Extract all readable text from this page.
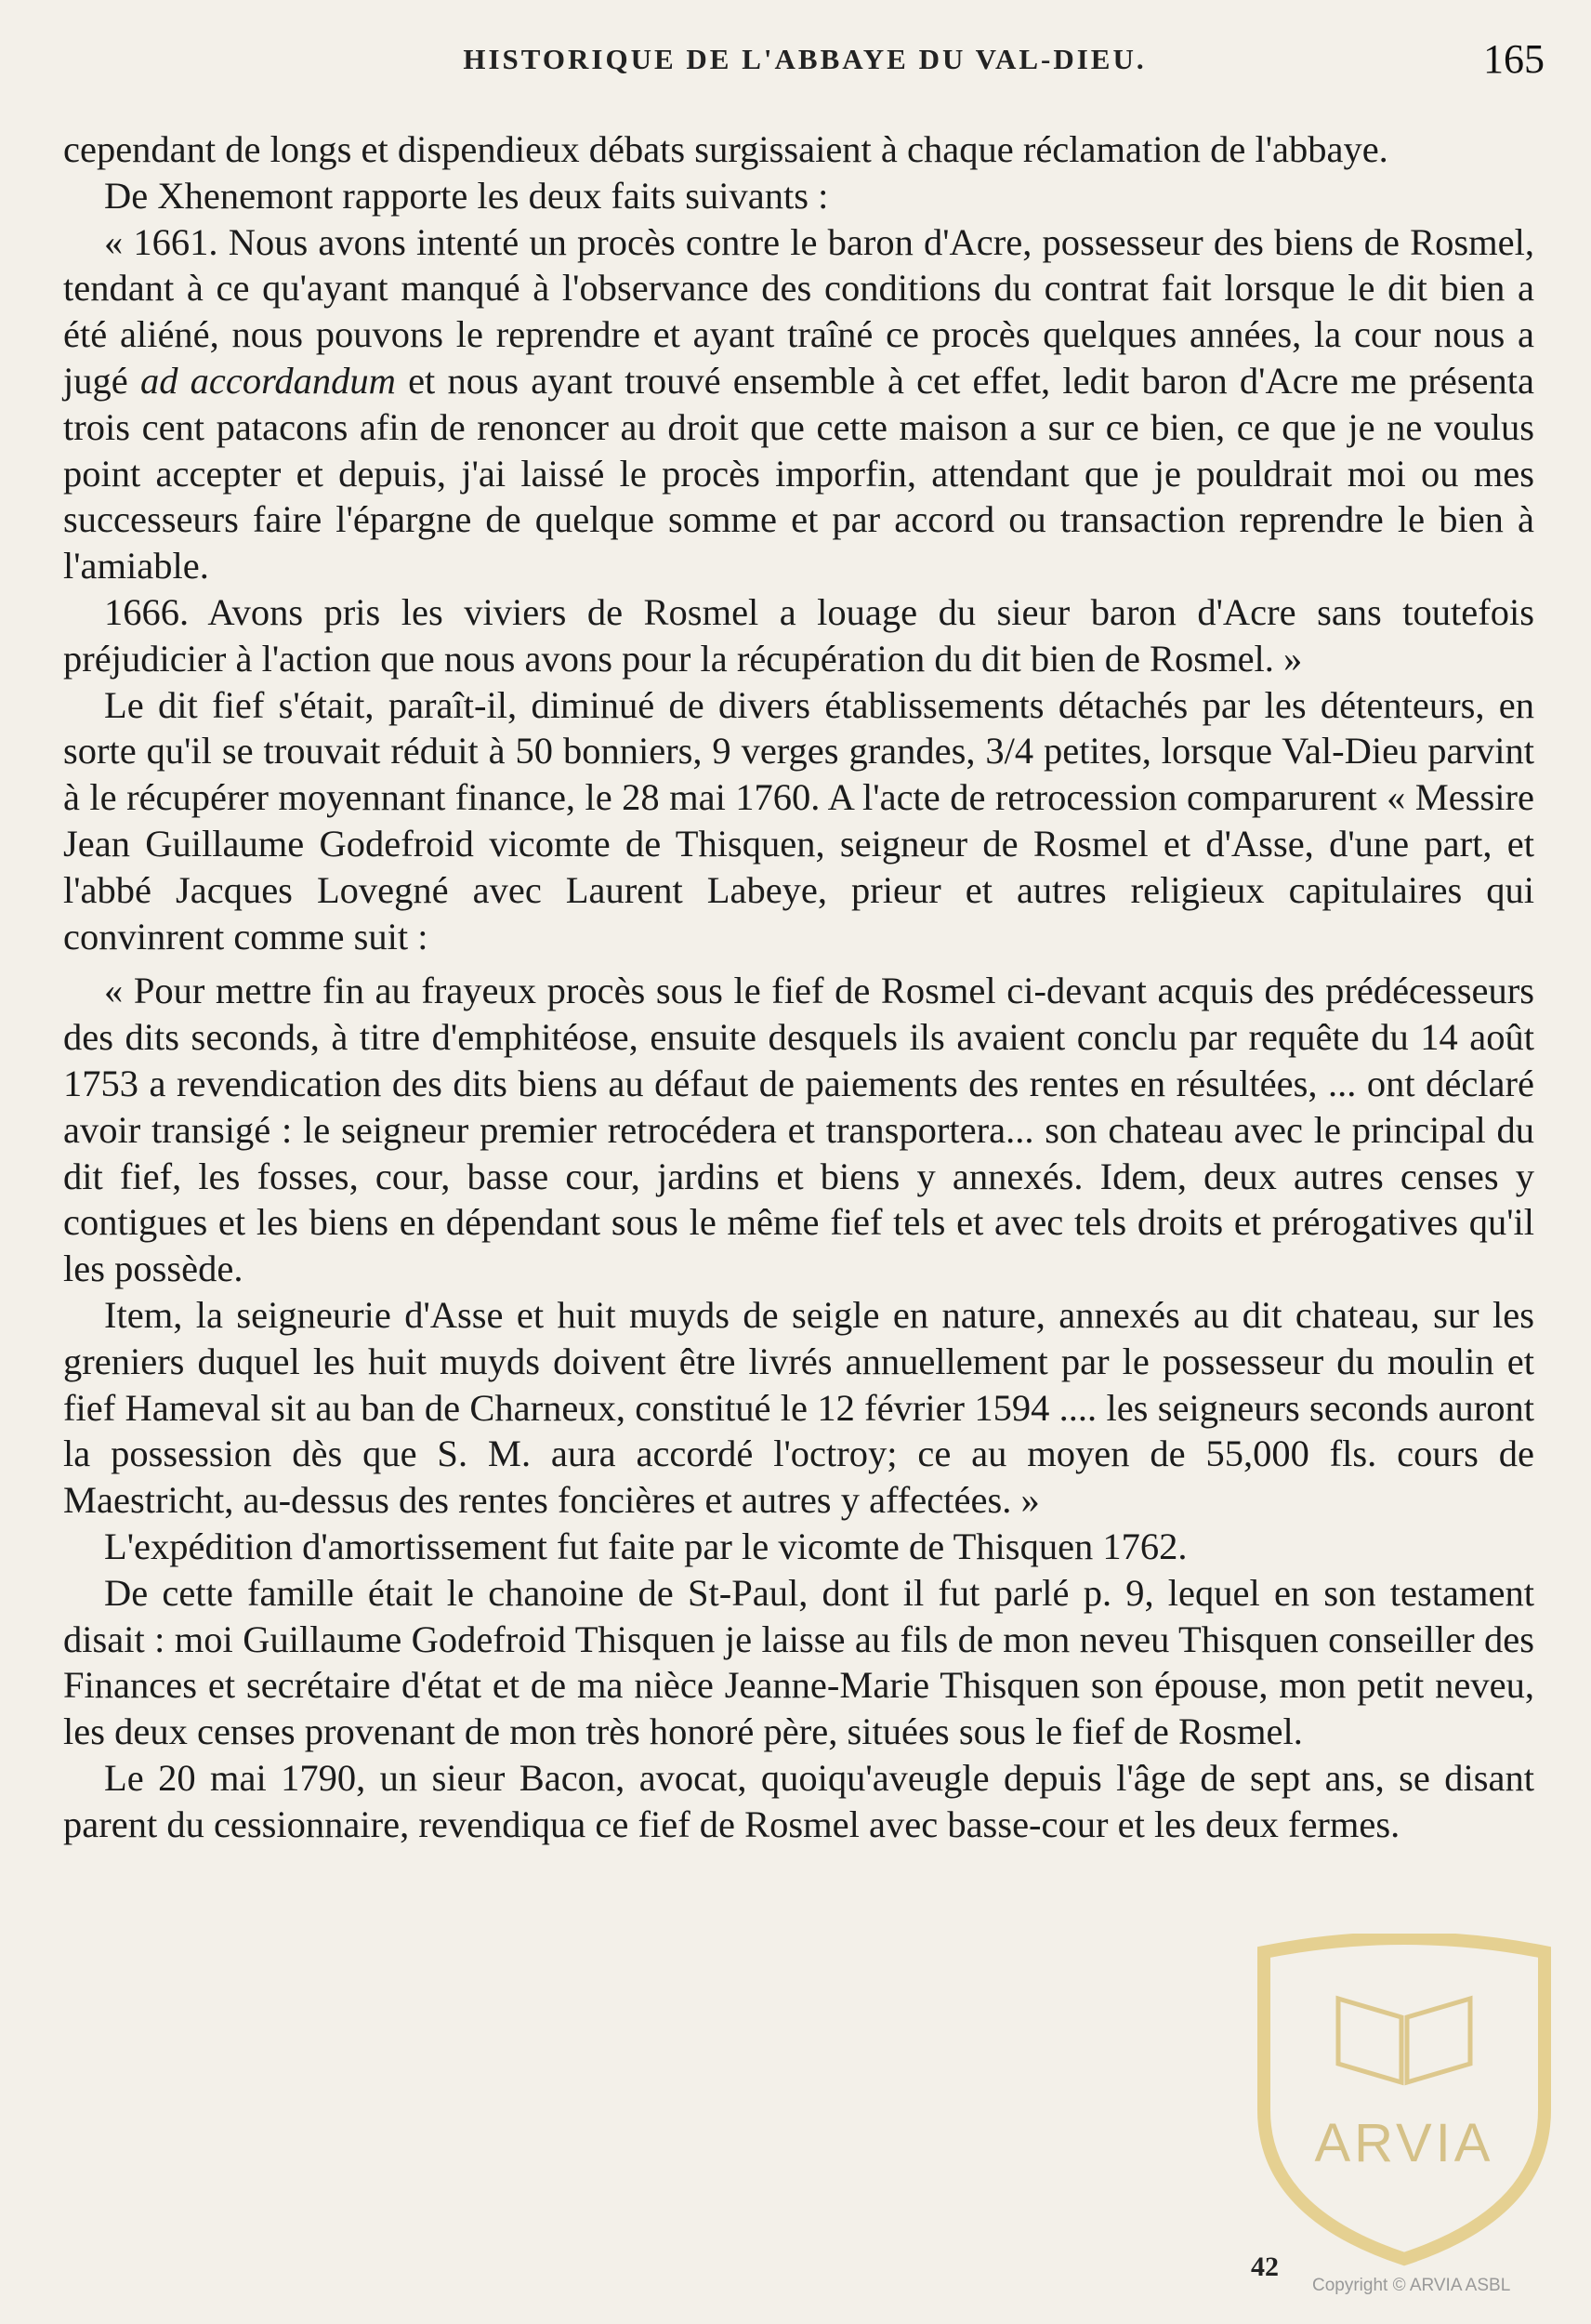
HISTORIQUE DE L'ABBAYE DU VAL-DIEU.	165

cependant de longs et dispendieux débats surgissaient à chaque réclamation de l'abbaye.

De Xhenemont rapporte les deux faits suivants :

« 1661. Nous avons intenté un procès contre le baron d'Acre, possesseur des biens de Rosmel, tendant à ce qu'ayant manqué à l'observance des conditions du contrat fait lorsque le dit bien a été aliéné, nous pouvons le reprendre et ayant traîné ce procès quelques années, la cour nous a jugé ad accordandum et nous ayant trouvé ensemble à cet effet, ledit baron d'Acre me présenta trois cent patacons afin de renoncer au droit que cette maison a sur ce bien, ce que je ne voulus point accepter et depuis, j'ai laissé le procès imporfin, attendant que je pouldrait moi ou mes successeurs faire l'épargne de quelque somme et par accord ou transaction reprendre le bien à l'amiable.

1666. Avons pris les viviers de Rosmel a louage du sieur baron d'Acre sans toutefois préjudicier à l'action que nous avons pour la récupération du dit bien de Rosmel. »

Le dit fief s'était, paraît-il, diminué de divers établissements détachés par les détenteurs, en sorte qu'il se trouvait réduit à 50 bonniers, 9 verges grandes, 3/4 petites, lorsque Val-Dieu parvint à le récupérer moyennant finance, le 28 mai 1760. A l'acte de retrocession comparurent « Messire Jean Guillaume Godefroid vicomte de Thisquen, seigneur de Rosmel et d'Asse, d'une part, et l'abbé Jacques Lovegné avec Laurent Labeye, prieur et autres religieux capitulaires qui convinrent comme suit :

« Pour mettre fin au frayeux procès sous le fief de Rosmel ci-devant acquis des prédécesseurs des dits seconds, à titre d'emphitéose, ensuite desquels ils avaient conclu par requête du 14 août 1753 a revendication des dits biens au défaut de paiements des rentes en résultées, ... ont déclaré avoir transigé : le seigneur premier retrocédera et transportera... son chateau avec le principal du dit fief, les fosses, cour, basse cour, jardins et biens y annexés. Idem, deux autres censes y contigues et les biens en dépendant sous le même fief tels et avec tels droits et prérogatives qu'il les possède.

Item, la seigneurie d'Asse et huit muyds de seigle en nature, annexés au dit chateau, sur les greniers duquel les huit muyds doivent être livrés annuellement par le possesseur du moulin et fief Hameval sit au ban de Charneux, constitué le 12 février 1594 .... les seigneurs seconds auront la possession dès que S. M. aura accordé l'octroy; ce au moyen de 55,000 fls. cours de Maestricht, au-dessus des rentes foncières et autres y affectées. »

L'expédition d'amortissement fut faite par le vicomte de Thisquen 1762.

De cette famille était le chanoine de St-Paul, dont il fut parlé p. 9, lequel en son testament disait : moi Guillaume Godefroid Thisquen je laisse au fils de mon neveu Thisquen conseiller des Finances et secrétaire d'état et de ma nièce Jeanne-Marie Thisquen son épouse, mon petit neveu, les deux censes provenant de mon très honoré père, situées sous le fief de Rosmel.

Le 20 mai 1790, un sieur Bacon, avocat, quoiqu'aveugle depuis l'âge de sept ans, se disant parent du cessionnaire, revendiqua ce fief de Rosmel avec basse-cour et les deux fermes.

42
ARVIA
Copyright © ARVIA ASBL
